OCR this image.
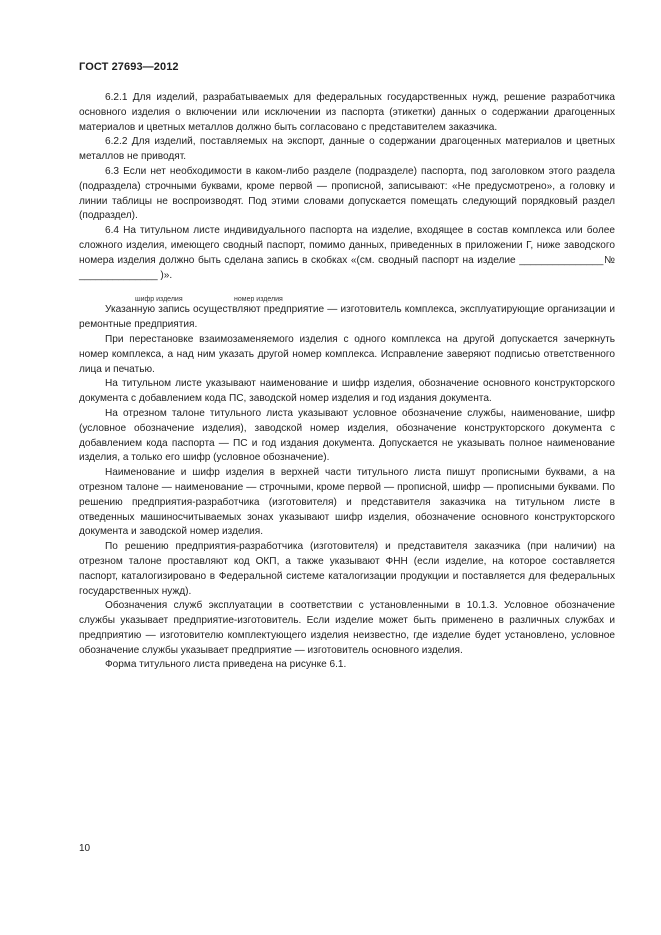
ГОСТ 27693—2012

6.2.1 Для изделий, разрабатываемых для федеральных государственных нужд, решение разработчика основного изделия о включении или исключении из паспорта (этикетки) данных о содержании драгоценных материалов и цветных металлов должно быть согласовано с представителем заказчика.

6.2.2 Для изделий, поставляемых на экспорт, данные о содержании драгоценных материалов и цветных металлов не приводят.

6.3 Если нет необходимости в каком-либо разделе (подразделе) паспорта, под заголовком этого раздела (подраздела) строчными буквами, кроме первой — прописной, записывают: «Не предусмотрено», а головку и линии таблицы не воспроизводят. Под этими словами допускается помещать следующий порядковый раздел (подраздел).

6.4 На титульном листе индивидуального паспорта на изделие, входящее в состав комплекса или более сложного изделия, имеющего сводный паспорт, помимо данных, приведенных в приложении Г, ниже заводского номера изделия должно быть сделана запись в скобках «(см. сводный паспорт на изделие _______________№ ______________ )».

шифр изделия	номер изделия

Указанную запись осуществляют предприятие — изготовитель комплекса, эксплуатирующие организации и ремонтные предприятия.

При перестановке взаимозаменяемого изделия с одного комплекса на другой допускается зачеркнуть номер комплекса, а над ним указать другой номер комплекса. Исправление заверяют подписью ответственного лица и печатью.

На титульном листе указывают наименование и шифр изделия, обозначение основного конструкторского документа с добавлением кода ПС, заводской номер изделия и год издания документа.

На отрезном талоне титульного листа указывают условное обозначение службы, наименование, шифр (условное обозначение изделия), заводской номер изделия, обозначение конструкторского документа с добавлением кода паспорта — ПС и год издания документа. Допускается не указывать полное наименование изделия, а только его шифр (условное обозначение).

Наименование и шифр изделия в верхней части титульного листа пишут прописными буквами, а на отрезном талоне — наименование — строчными, кроме первой — прописной, шифр — прописными буквами. По решению предприятия-разработчика (изготовителя) и представителя заказчика на титульном листе в отведенных машиносчитываемых зонах указывают шифр изделия, обозначение основного конструкторского документа и заводской номер изделия.

По решению предприятия-разработчика (изготовителя) и представителя заказчика (при наличии) на отрезном талоне проставляют код ОКП, а также указывают ФНН (если изделие, на которое составляется паспорт, каталогизировано в Федеральной системе каталогизации продукции и поставляется для федеральных государственных нужд).

Обозначения служб эксплуатации в соответствии с установленными в 10.1.3. Условное обозначение службы указывает предприятие-изготовитель. Если изделие может быть применено в различных службах и предприятию — изготовителю комплектующего изделия неизвестно, где изделие будет установлено, условное обозначение службы указывает предприятие — изготовитель основного изделия.

Форма титульного листа приведена на рисунке 6.1.

10
